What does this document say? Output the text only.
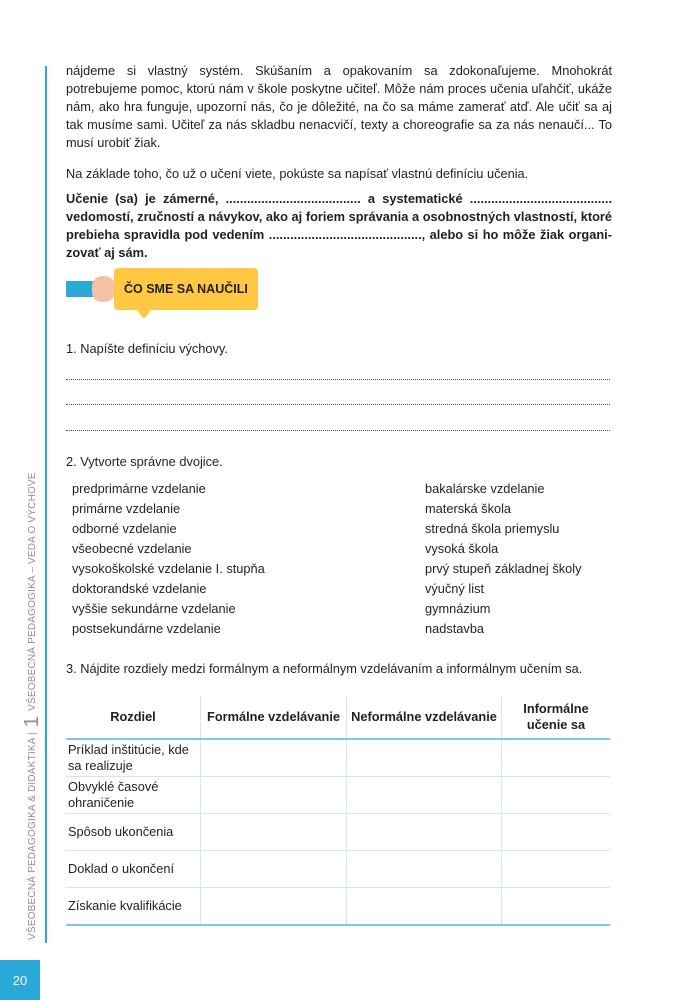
VŠEOBECNÁ PEDAGOGIKA & DIDAKTIKA |
1
VŠEOBECNÁ PEDAGOGIKA – VEDA O VÝCHOVE
20

nájdeme si vlastný systém. Skúšaním a opakovaním sa zdokonaľujeme. Mnohokrát potrebujeme pomoc, ktorú nám v škole poskytne učiteľ. Môže nám proces učenia uľahčiť, ukáže nám, ako hra funguje, upozorní nás, čo je dôležité, na čo sa máme zamerať atď. Ale učiť sa aj tak musíme sami. Učiteľ za nás skladbu nenacvičí, texty a choreografie sa za nás nenaučí... To musí urobiť žiak.

Na základe toho, čo už o učení viete, pokúste sa napísať vlastnú definíciu učenia.

Učenie (sa) je zámerné, ...................................... a systematické ........................................ vedomostí, zručností a návykov, ako aj foriem správania a osobnostných vlastností, ktoré prebieha spravidla pod vedením ..........................................., alebo si ho môže žiak organizovať aj sám.

ČO SME SA NAUČILI
1. Napíšte definíciu výchovy.
2. Vytvorte správne dvojice.
predprimárne vzdelanie	bakalárske vzdelanie
primárne vzdelanie	materská škola
odborné vzdelanie	stredná škola priemyslu
všeobecné vzdelanie	vysoká škola
vysokoškolské vzdelanie I. stupňa	prvý stupeň základnej školy
doktorandské vzdelanie	výučný list
vyššie sekundárne vzdelanie	gymnázium
postsekundárne vzdelanie	nadstavba
3. Nájdite rozdiely medzi formálnym a neformálnym vzdelávaním a informálnym učením sa.
Rozdiel	Formálne vzdelávanie	Neformálne vzdelávanie	Informálne učenie sa
Príklad inštitúcie, kde sa realizuje			
Obvyklé časové ohraničenie			
Spôsob ukončenia			
Doklad o ukončení			
Získanie kvalifikácie			
